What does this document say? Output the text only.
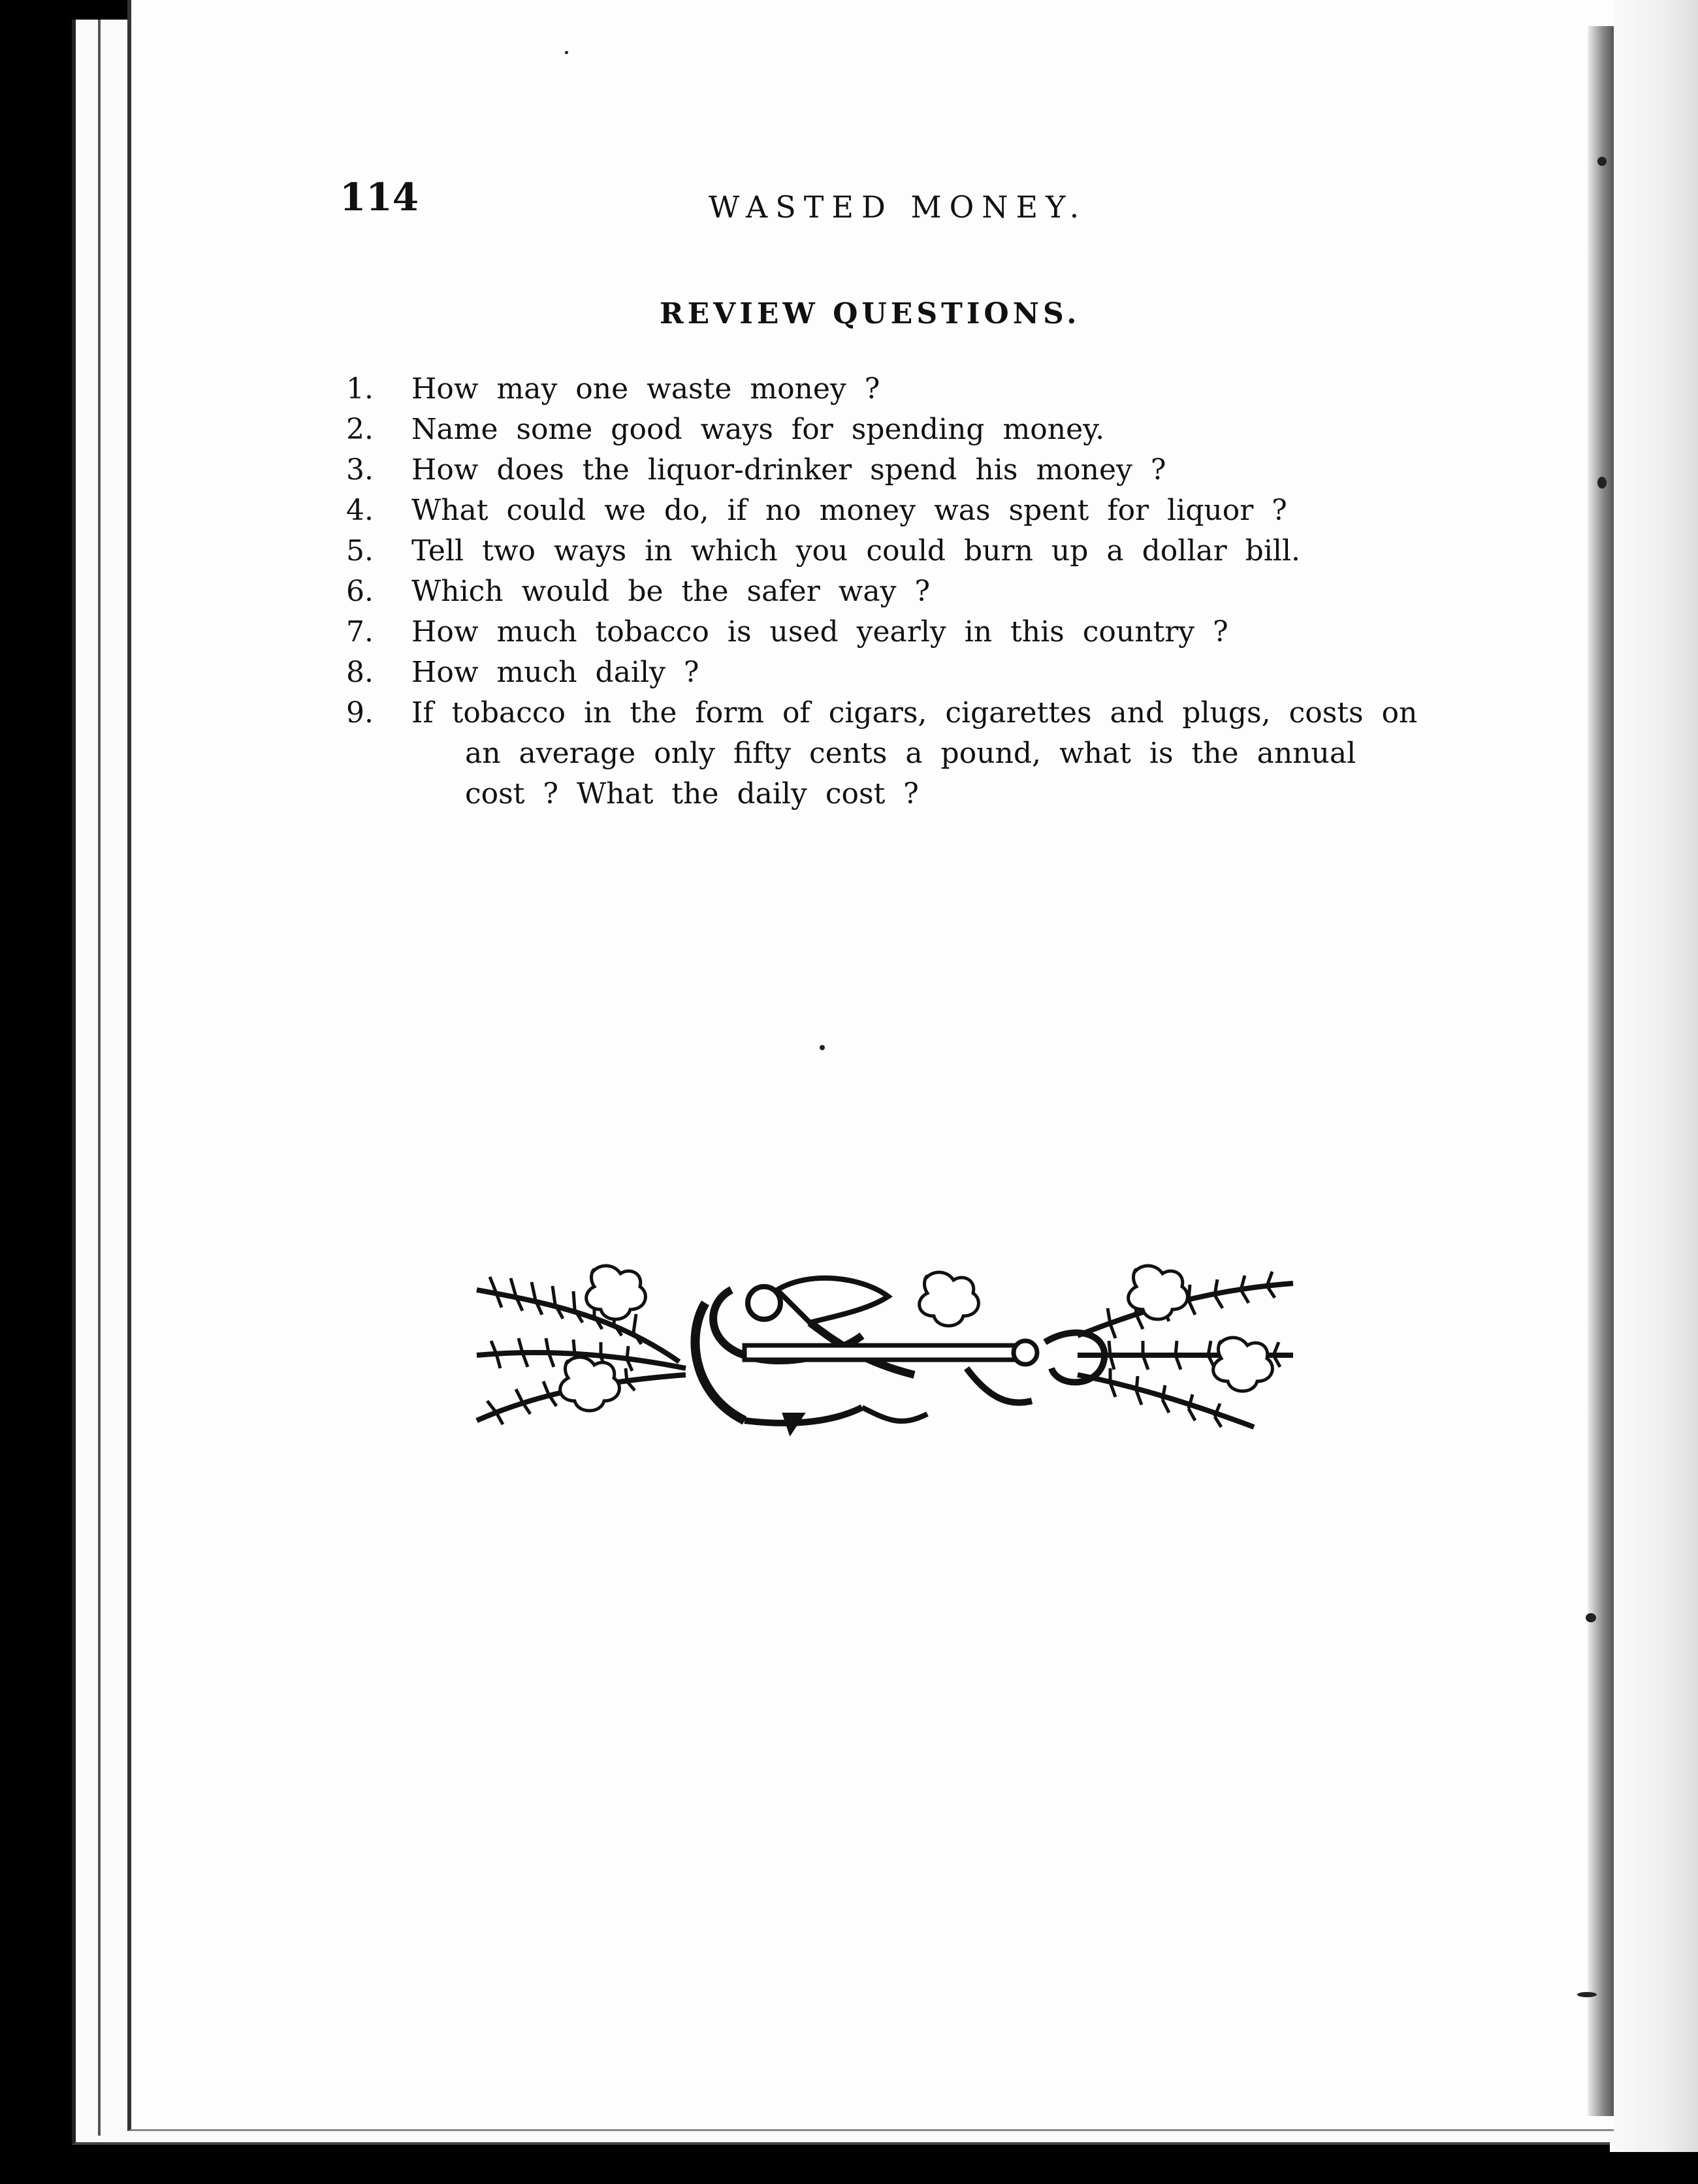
114	WASTED MONEY.
REVIEW QUESTIONS.
1.	How may one waste money ?
2.	Name some good ways for spending money.
3.	How does the liquor-drinker spend his money ?
4.	What could we do, if no money was spent for liquor ?
5.	Tell two ways in which you could burn up a dollar bill.
6.	Which would be the safer way ?
7.	How much tobacco is used yearly in this country ?
8.	How much daily ?
9.	If tobacco in the form of cigars, cigarettes and plugs, costs on
an average only fifty cents a pound, what is the annual
cost ? What the daily cost ?
